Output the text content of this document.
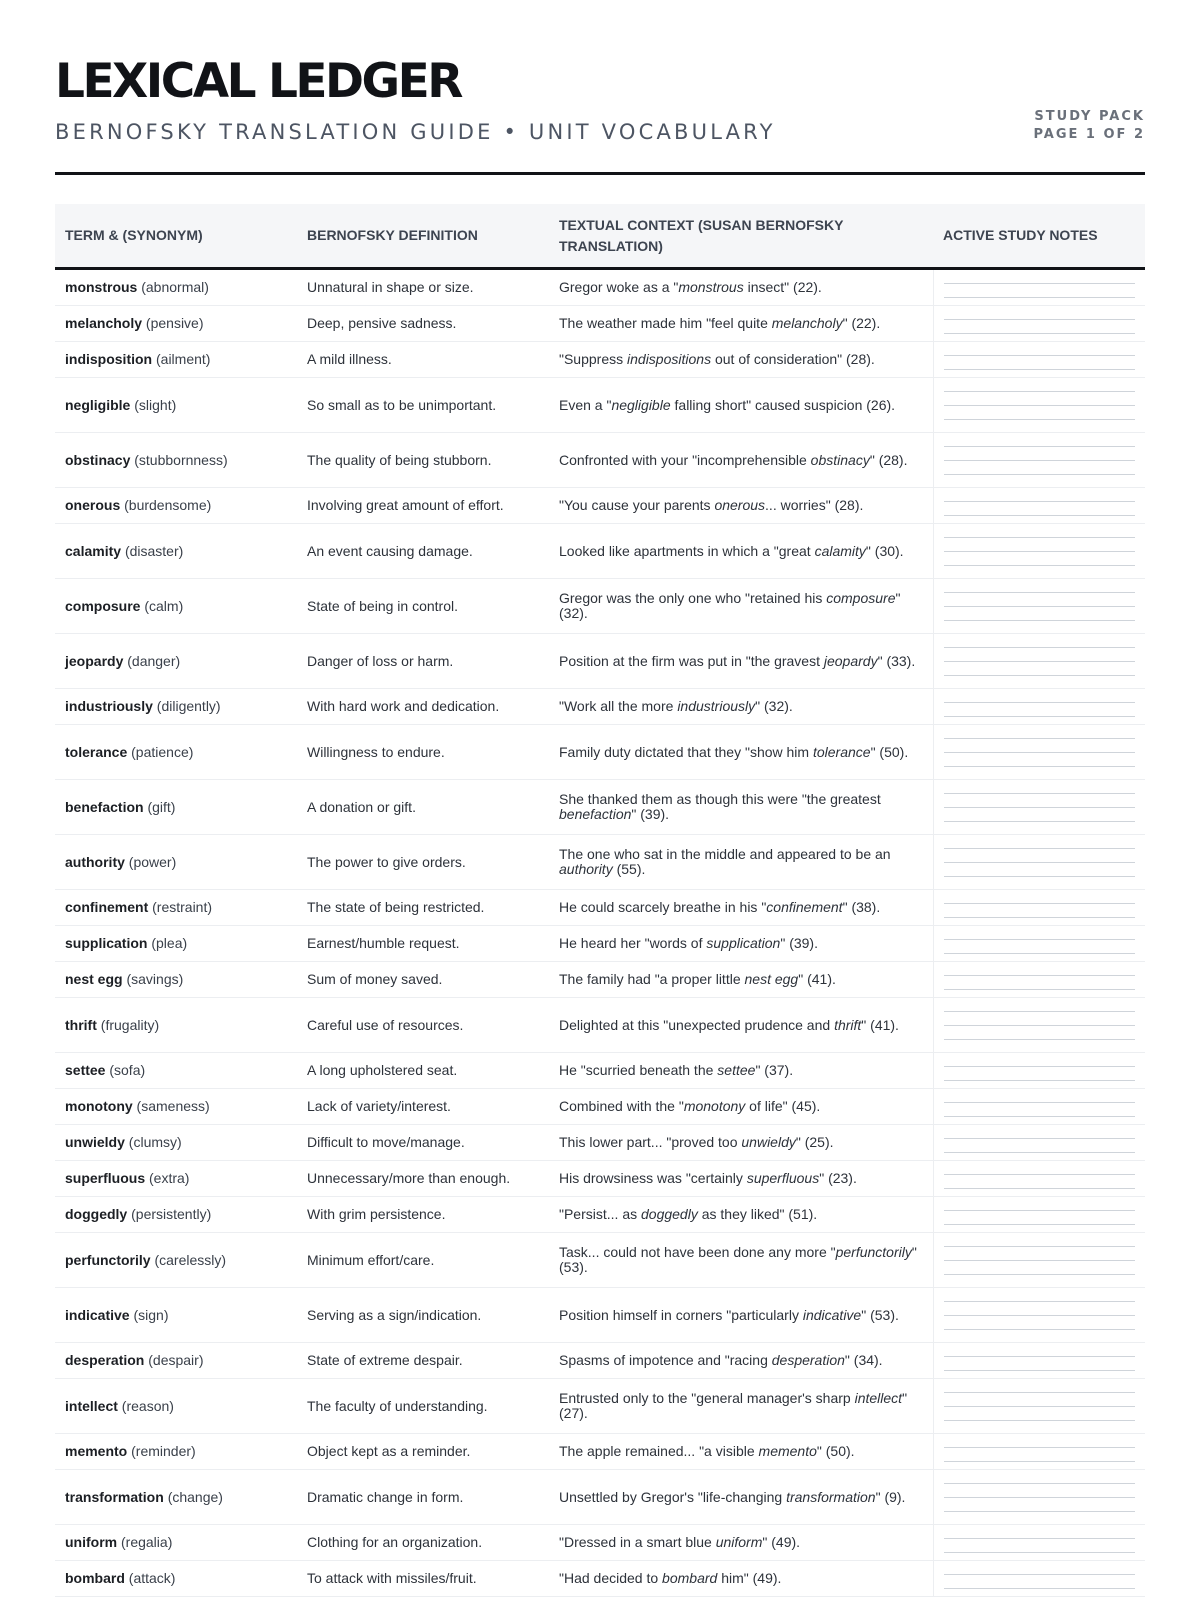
LEXICAL LEDGER
BERNOFSKY TRANSLATION GUIDE • UNIT VOCABULARY
STUDY PACK
PAGE 1 OF 2
TERM & (SYNONYM)	BERNOFSKY DEFINITION	TEXTUAL CONTEXT (SUSAN BERNOFSKY TRANSLATION)	ACTIVE STUDY NOTES
monstrous (abnormal)	Unnatural in shape or size.	Gregor woke as a "monstrous insect" (22).	
melancholy (pensive)	Deep, pensive sadness.	The weather made him "feel quite melancholy" (22).	
indisposition (ailment)	A mild illness.	"Suppress indispositions out of consideration" (28).	
negligible (slight)	So small as to be unimportant.	Even a "negligible falling short" caused suspicion (26).	
obstinacy (stubbornness)	The quality of being stubborn.	Confronted with your "incomprehensible obstinacy" (28).	
onerous (burdensome)	Involving great amount of effort.	"You cause your parents onerous... worries" (28).	
calamity (disaster)	An event causing damage.	Looked like apartments in which a "great calamity" (30).	
composure (calm)	State of being in control.	Gregor was the only one who "retained his composure" (32).	
jeopardy (danger)	Danger of loss or harm.	Position at the firm was put in "the gravest jeopardy" (33).	
industriously (diligently)	With hard work and dedication.	"Work all the more industriously" (32).	
tolerance (patience)	Willingness to endure.	Family duty dictated that they "show him tolerance" (50).	
benefaction (gift)	A donation or gift.	She thanked them as though this were "the greatest benefaction" (39).	
authority (power)	The power to give orders.	The one who sat in the middle and appeared to be an authority (55).	
confinement (restraint)	The state of being restricted.	He could scarcely breathe in his "confinement" (38).	
supplication (plea)	Earnest/humble request.	He heard her "words of supplication" (39).	
nest egg (savings)	Sum of money saved.	The family had "a proper little nest egg" (41).	
thrift (frugality)	Careful use of resources.	Delighted at this "unexpected prudence and thrift" (41).	
settee (sofa)	A long upholstered seat.	He "scurried beneath the settee" (37).	
monotony (sameness)	Lack of variety/interest.	Combined with the "monotony of life" (45).	
unwieldy (clumsy)	Difficult to move/manage.	This lower part... "proved too unwieldy" (25).	
superfluous (extra)	Unnecessary/more than enough.	His drowsiness was "certainly superfluous" (23).	
doggedly (persistently)	With grim persistence.	"Persist... as doggedly as they liked" (51).	
perfunctorily (carelessly)	Minimum effort/care.	Task... could not have been done any more "perfunctorily" (53).	
indicative (sign)	Serving as a sign/indication.	Position himself in corners "particularly indicative" (53).	
desperation (despair)	State of extreme despair.	Spasms of impotence and "racing desperation" (34).	
intellect (reason)	The faculty of understanding.	Entrusted only to the "general manager's sharp intellect" (27).	
memento (reminder)	Object kept as a reminder.	The apple remained... "a visible memento" (50).	
transformation (change)	Dramatic change in form.	Unsettled by Gregor's "life-changing transformation" (9).	
uniform (regalia)	Clothing for an organization.	"Dressed in a smart blue uniform" (49).	
bombard (attack)	To attack with missiles/fruit.	"Had decided to bombard him" (49).	
